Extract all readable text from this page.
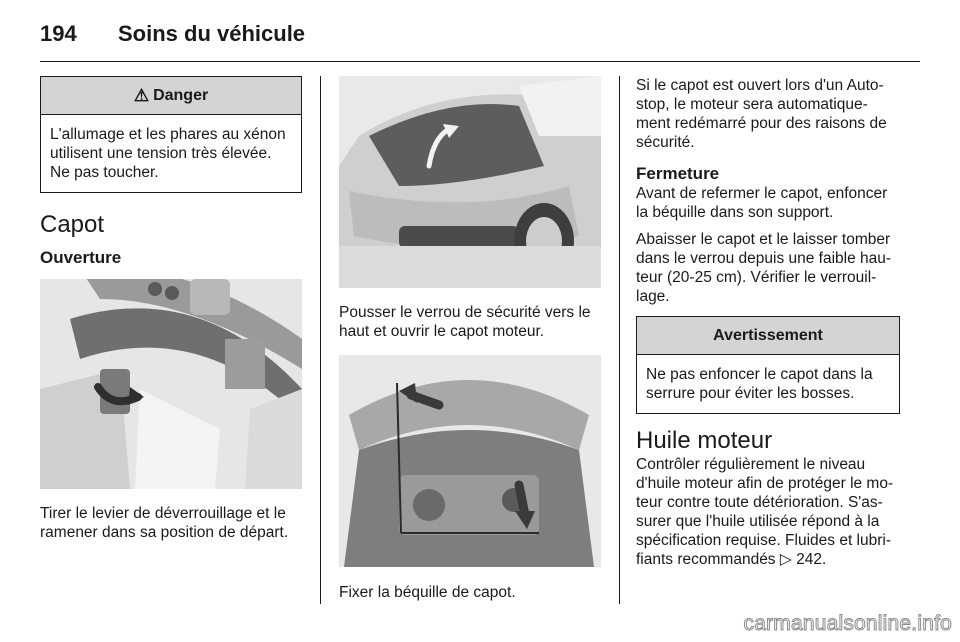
194	Soins du véhicule
⚠ Danger
L'allumage et les phares au xénon utilisent une tension très élevée. Ne pas toucher.
Capot
Ouverture

Tirer le levier de déverrouillage et le ramener dans sa position de départ.

Pousser le verrou de sécurité vers le haut et ouvrir le capot moteur.

Fixer la béquille de capot.

Si le capot est ouvert lors d'un Auto-stop, le moteur sera automatique-ment redémarré pour des raisons de sécurité.

Fermeture

Avant de refermer le capot, enfoncer la béquille dans son support.

Abaisser le capot et le laisser tomber dans le verrou depuis une faible hau-teur (20-25 cm). Vérifier le verrouil-lage.

Avertissement
Ne pas enfoncer le capot dans la serrure pour éviter les bosses.
Huile moteur

Contrôler régulièrement le niveau d'huile moteur afin de protéger le mo-teur contre toute détérioration. S'as-surer que l'huile utilisée répond à la spécification requise. Fluides et lubri-fiants recommandés ▷ 242.

carmanualsonline.info
